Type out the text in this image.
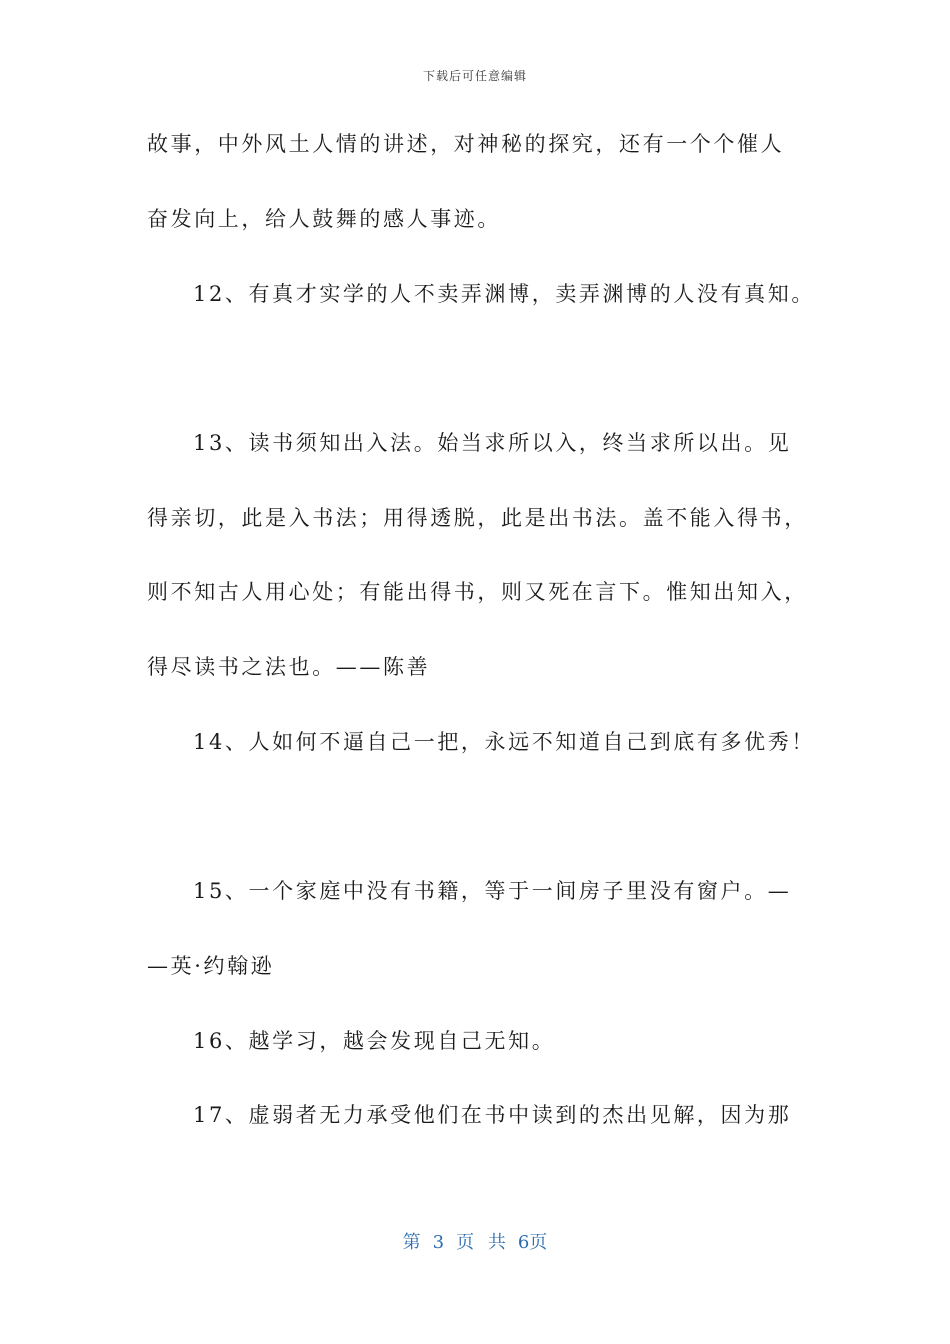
下载后可任意编辑
故事，中外风土人情的讲述，对神秘的探究，还有一个个催人
奋发向上，给人鼓舞的感人事迹。
12、有真才实学的人不卖弄渊博，卖弄渊博的人没有真知。
13、读书须知出入法。始当求所以入，终当求所以出。见
得亲切，此是入书法；用得透脱，此是出书法。盖不能入得书，
则不知古人用心处；有能出得书，则又死在言下。惟知出知入，
得尽读书之法也。——陈善
14、人如何不逼自己一把，永远不知道自己到底有多优秀！
15、一个家庭中没有书籍，等于一间房子里没有窗户。—
—英·约翰逊
16、越学习，越会发现自己无知。
17、虚弱者无力承受他们在书中读到的杰出见解，因为那
第 3 页 共 6页
